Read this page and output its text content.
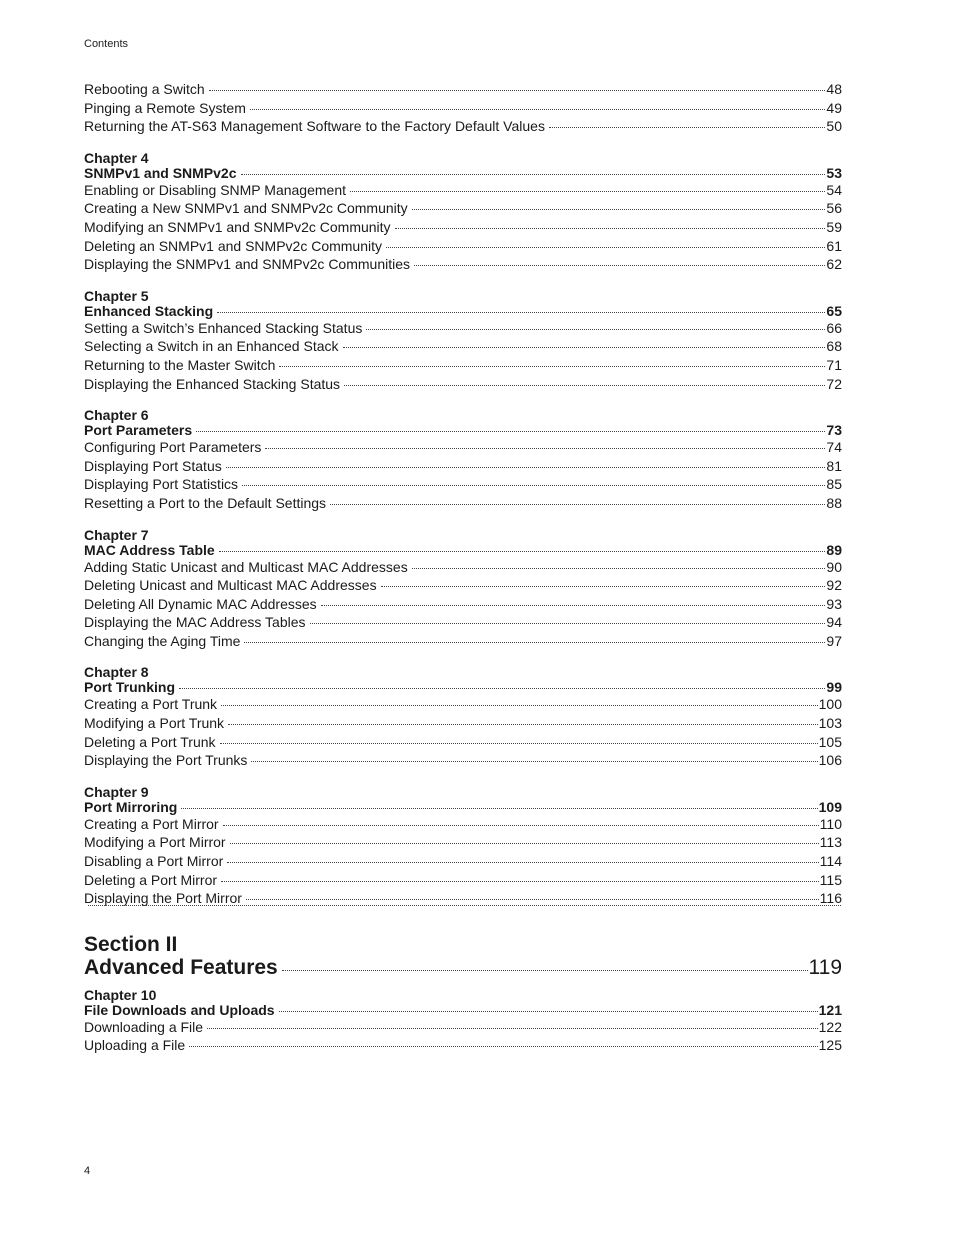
Contents
Rebooting a Switch	48
Pinging a Remote System	49
Returning the AT-S63 Management Software to the Factory Default Values	50
Chapter 4
SNMPv1 and SNMPv2c	53
Enabling or Disabling SNMP Management	54
Creating a New SNMPv1 and SNMPv2c Community	56
Modifying an SNMPv1 and SNMPv2c Community	59
Deleting an SNMPv1 and SNMPv2c Community	61
Displaying the SNMPv1 and SNMPv2c Communities	62
Chapter 5
Enhanced Stacking	65
Setting a Switch’s Enhanced Stacking Status	66
Selecting a Switch in an Enhanced Stack	68
Returning to the Master Switch	71
Displaying the Enhanced Stacking Status	72
Chapter 6
Port Parameters	73
Configuring Port Parameters	74
Displaying Port Status	81
Displaying Port Statistics	85
Resetting a Port to the Default Settings	88
Chapter 7
MAC Address Table	89
Adding Static Unicast and Multicast MAC Addresses	90
Deleting Unicast and Multicast MAC Addresses	92
Deleting All Dynamic MAC Addresses	93
Displaying the MAC Address Tables	94
Changing the Aging Time	97
Chapter 8
Port Trunking	99
Creating a Port Trunk	100
Modifying a Port Trunk	103
Deleting a Port Trunk	105
Displaying the Port Trunks	106
Chapter 9
Port Mirroring	109
Creating a Port Mirror	110
Modifying a Port Mirror	113
Disabling a Port Mirror	114
Deleting a Port Mirror	115
Displaying the Port Mirror	116
Section II
Advanced Features	119
Chapter 10
File Downloads and Uploads	121
Downloading a File	122
Uploading a File	125
4
